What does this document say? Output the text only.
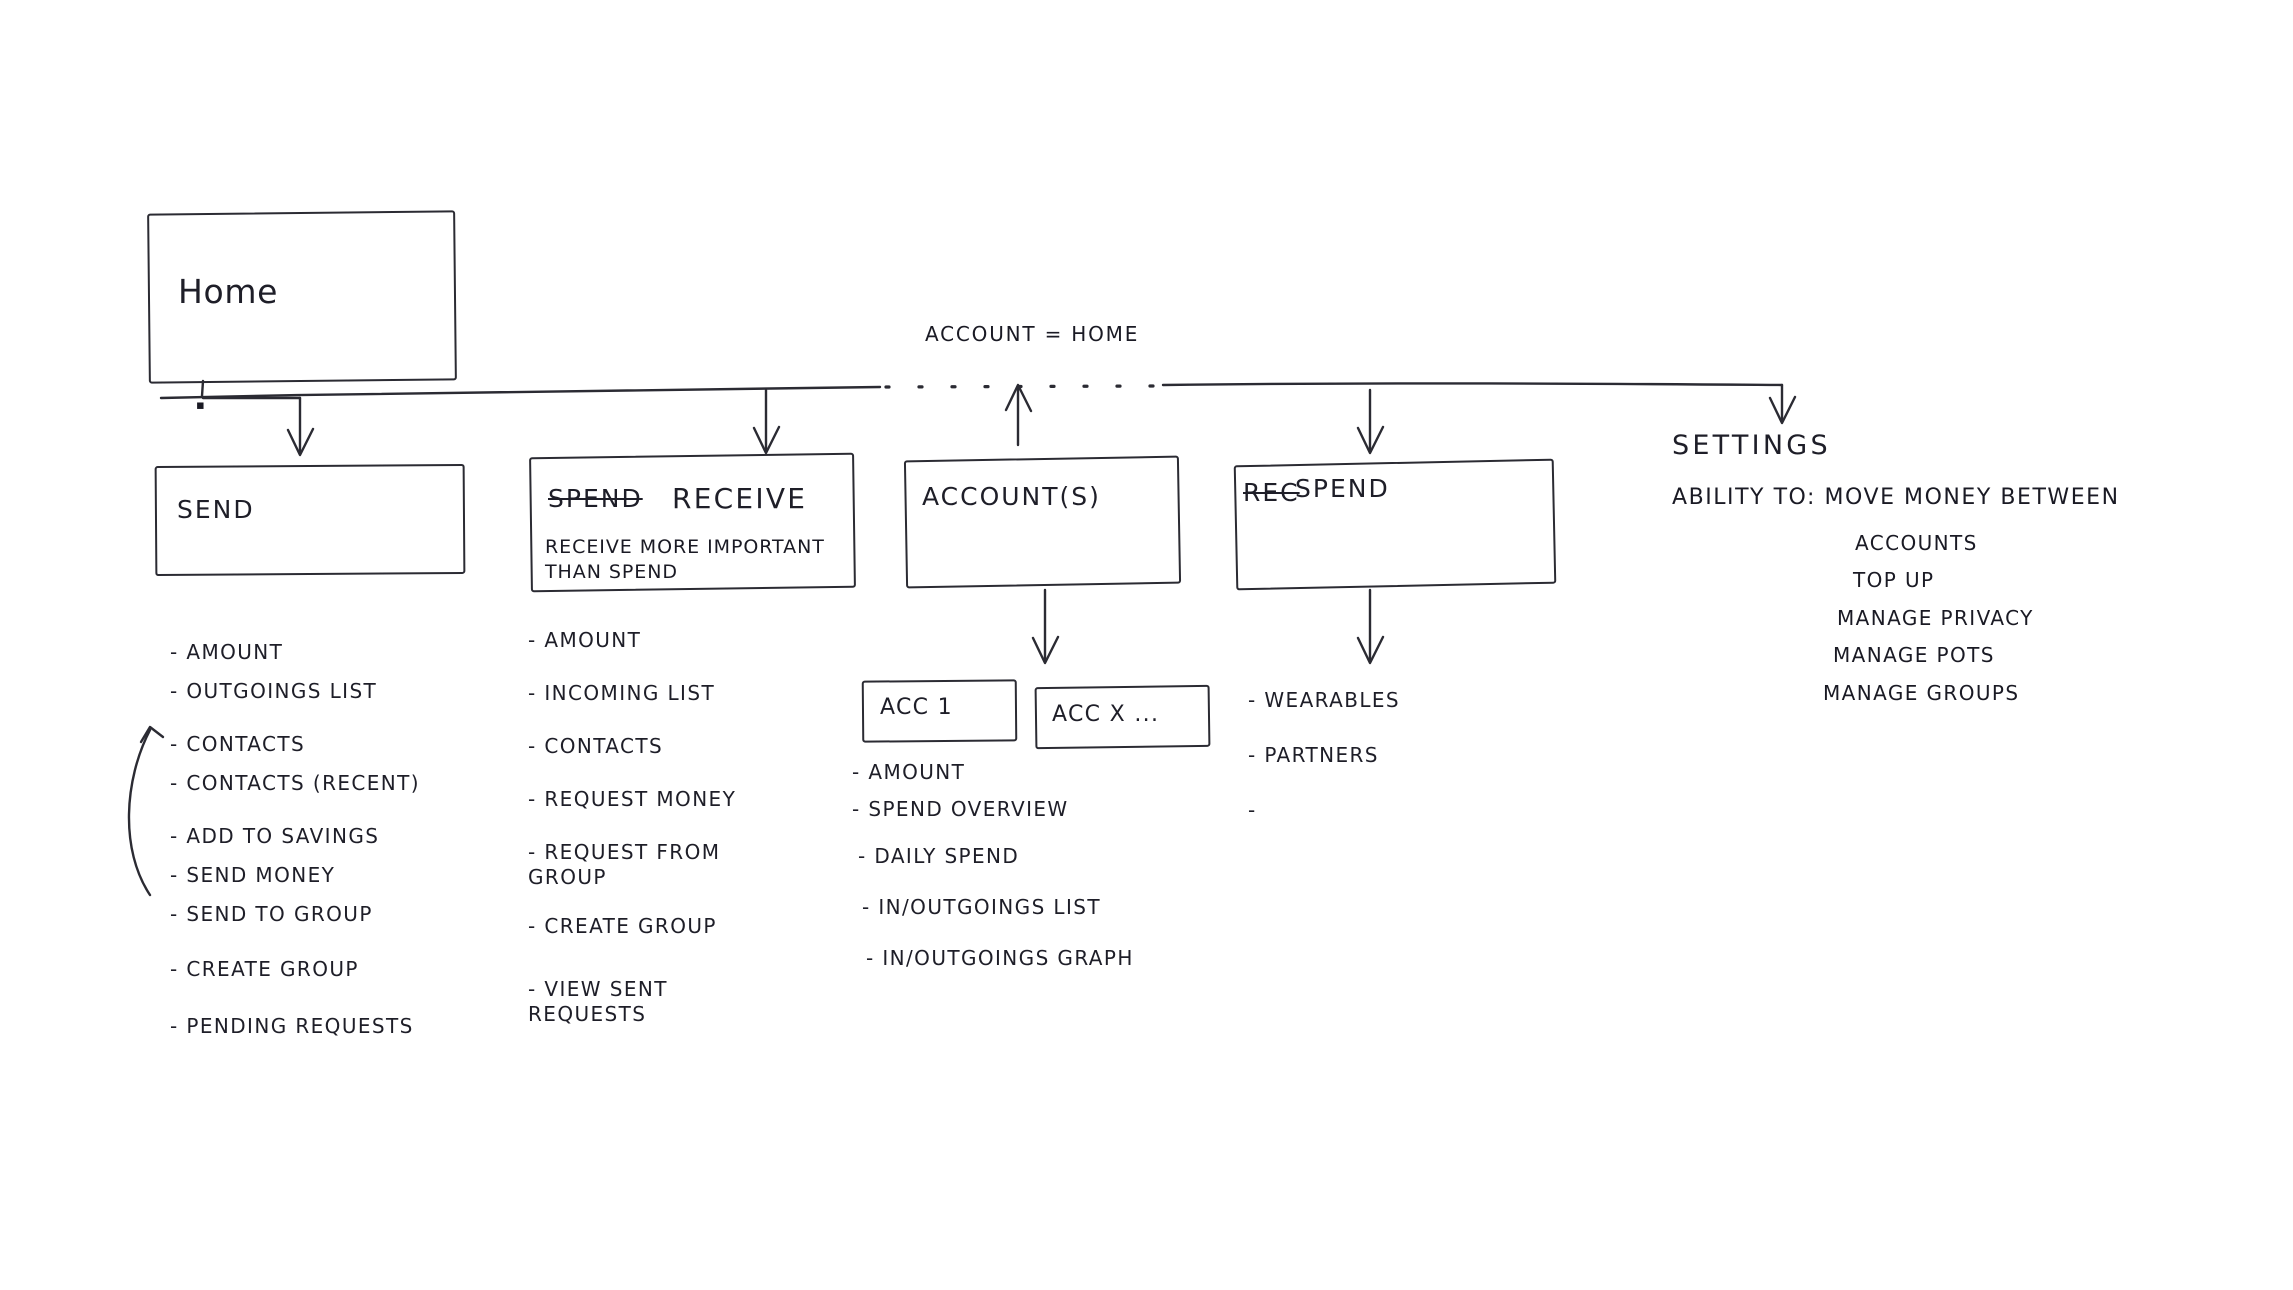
Home
▪
ACCOUNT = HOME
SEND
- AMOUNT
- OUTGOINGS LIST
- CONTACTS
- CONTACTS (RECENT)
- ADD TO SAVINGS
- SEND MONEY
- SEND TO GROUP
- CREATE GROUP
- PENDING REQUESTS
SPEND RECEIVE
RECEIVE MORE IMPORTANT THAN SPEND
- AMOUNT
- INCOMING LIST
- CONTACTS
- REQUEST MONEY
- REQUEST FROM GROUP
- CREATE GROUP
- VIEW SENT REQUESTS
ACCOUNT(S)
ACC 1	ACC X ...
- AMOUNT
- SPEND OVERVIEW
- DAILY SPEND
- IN/OUTGOINGS LIST
- IN/OUTGOINGS GRAPH
REC
SPEND
- WEARABLES
- PARTNERS
-
SETTINGS
ABILITY TO: MOVE MONEY BETWEEN
ACCOUNTS
TOP UP
MANAGE PRIVACY
MANAGE POTS
MANAGE GROUPS
